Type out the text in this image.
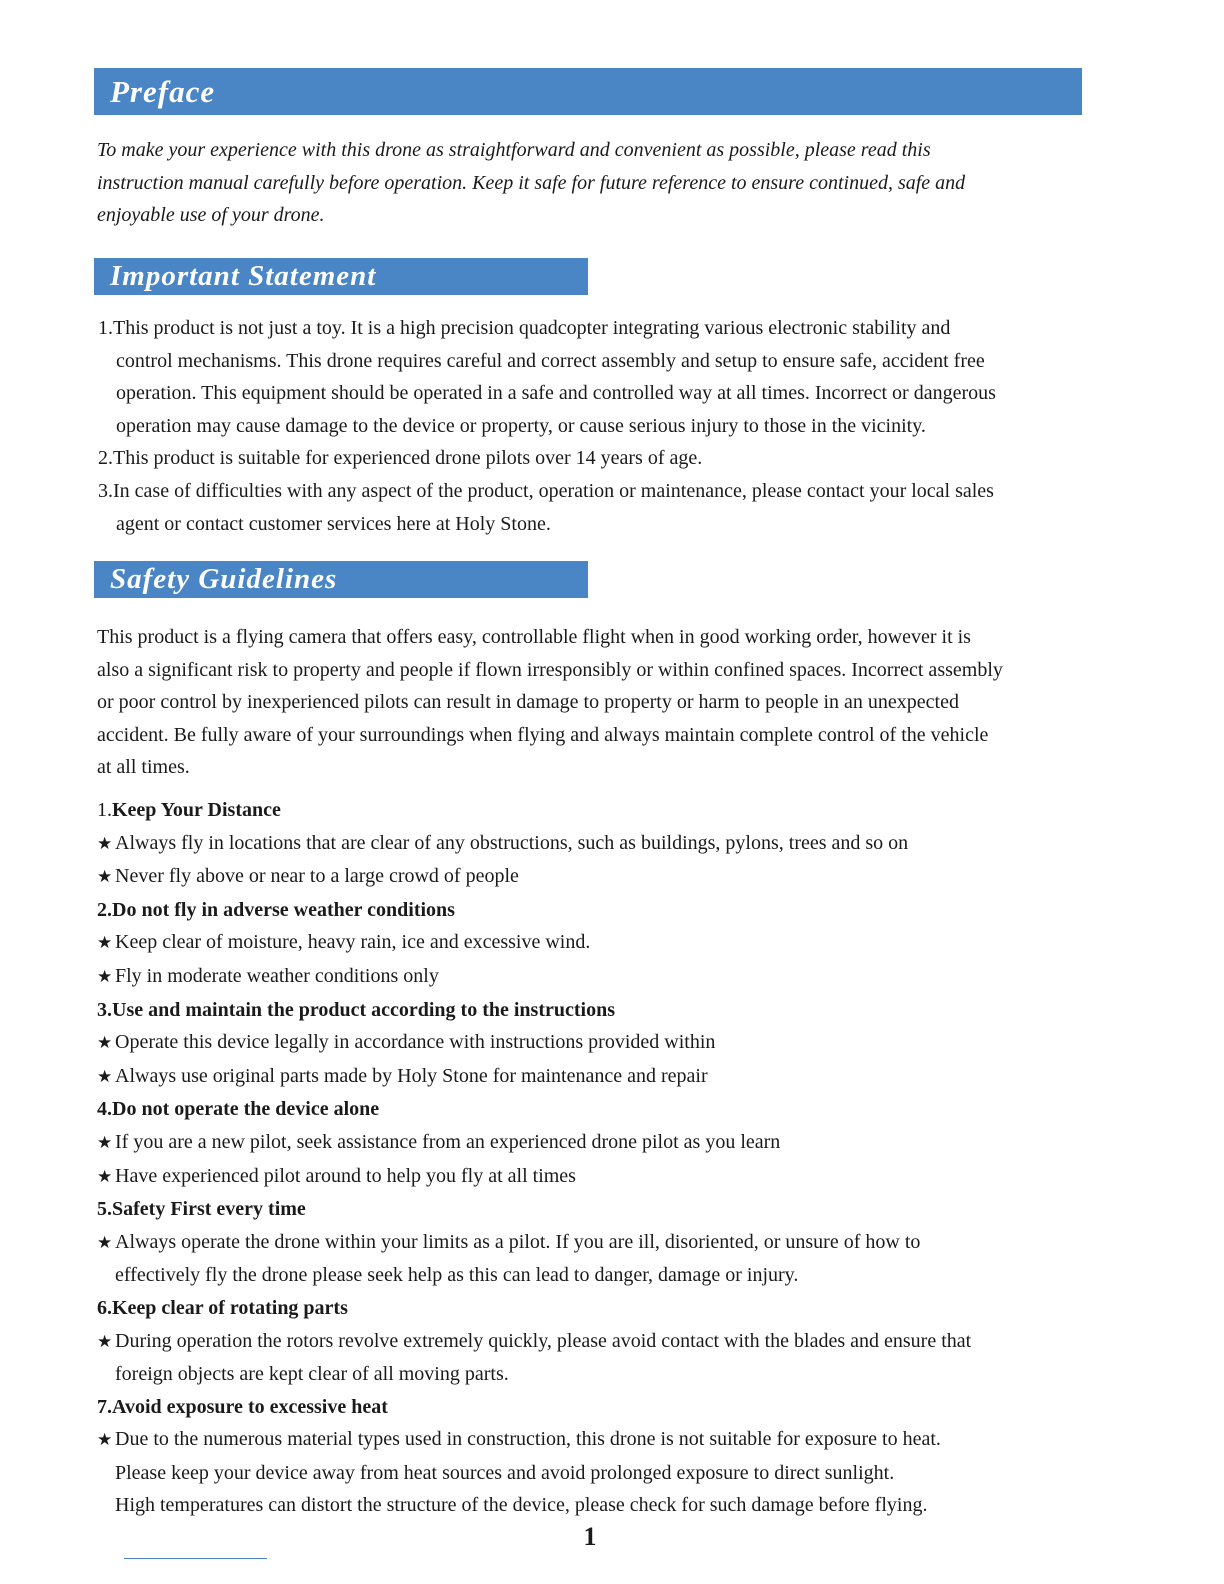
Preface
To make your experience with this drone as straightforward and convenient as possible, please read this
instruction manual carefully before operation. Keep it safe for future reference to ensure continued, safe and
enjoyable use of your drone.
Important Statement
1.This product is not just a toy. It is a high precision quadcopter integrating various electronic stability and
control mechanisms. This drone requires careful and correct assembly and setup to ensure safe, accident free
operation. This equipment should be operated in a safe and controlled way at all times. Incorrect or dangerous
operation may cause damage to the device or property, or cause serious injury to those in the vicinity.
2.This product is suitable for experienced drone pilots over 14 years of age.
3.In case of difficulties with any aspect of the product, operation or maintenance, please contact your local sales
agent or contact customer services here at Holy Stone.
Safety Guidelines
This product is a flying camera that offers easy, controllable flight when in good working order, however it is
also a significant risk to property and people if flown irresponsibly or within confined spaces. Incorrect assembly
or poor control by inexperienced pilots can result in damage to property or harm to people in an unexpected
accident. Be fully aware of your surroundings when flying and always maintain complete control of the vehicle
at all times.
1.Keep Your Distance
★ Always fly in locations that are clear of any obstructions, such as buildings, pylons, trees and so on
★ Never fly above or near to a large crowd of people
2.Do not fly in adverse weather conditions
★ Keep clear of moisture, heavy rain, ice and excessive wind.
★ Fly in moderate weather conditions only
3.Use and maintain the product according to the instructions
★ Operate this device legally in accordance with instructions provided within
★ Always use original parts made by Holy Stone for maintenance and repair
4.Do not operate the device alone
★ If you are a new pilot, seek assistance from an experienced drone pilot as you learn
★ Have experienced pilot around to help you fly at all times
5.Safety First every time
★ Always operate the drone within your limits as a pilot. If you are ill, disoriented, or unsure of how to
effectively fly the drone please seek help as this can lead to danger, damage or injury.
6.Keep clear of rotating parts
★ During operation the rotors revolve extremely quickly, please avoid contact with the blades and ensure that
foreign objects are kept clear of all moving parts.
7.Avoid exposure to excessive heat
★ Due to the numerous material types used in construction, this drone is not suitable for exposure to heat.
Please keep your device away from heat sources and avoid prolonged exposure to direct sunlight.
High temperatures can distort the structure of the device, please check for such damage before flying.
1
